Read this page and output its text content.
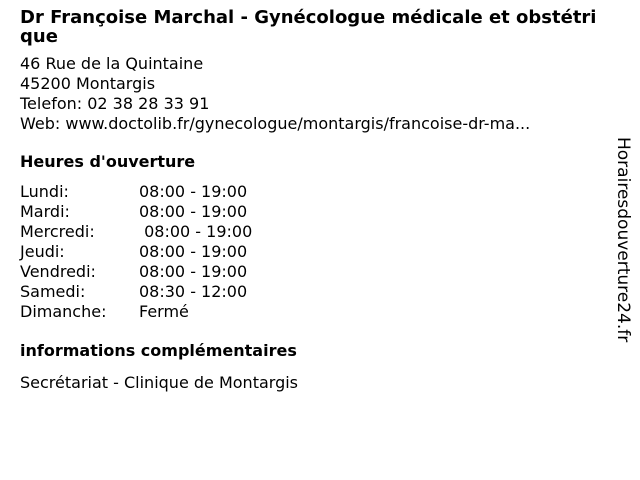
Dr Françoise Marchal - Gynécologue médicale et obstétrique
46 Rue de la Quintaine
45200 Montargis
Telefon: 02 38 28 33 91
Web: www.doctolib.fr/gynecologue/montargis/francoise-dr-ma...
Heures d'ouverture
Lundi:	08:00 - 19:00
Mardi:	08:00 - 19:00
Mercredi:	08:00 - 19:00
Jeudi:	08:00 - 19:00
Vendredi:	08:00 - 19:00
Samedi:	08:30 - 12:00
Dimanche:	Fermé
informations complémentaires
Secrétariat - Clinique de Montargis
Horairesdouverture24.fr
